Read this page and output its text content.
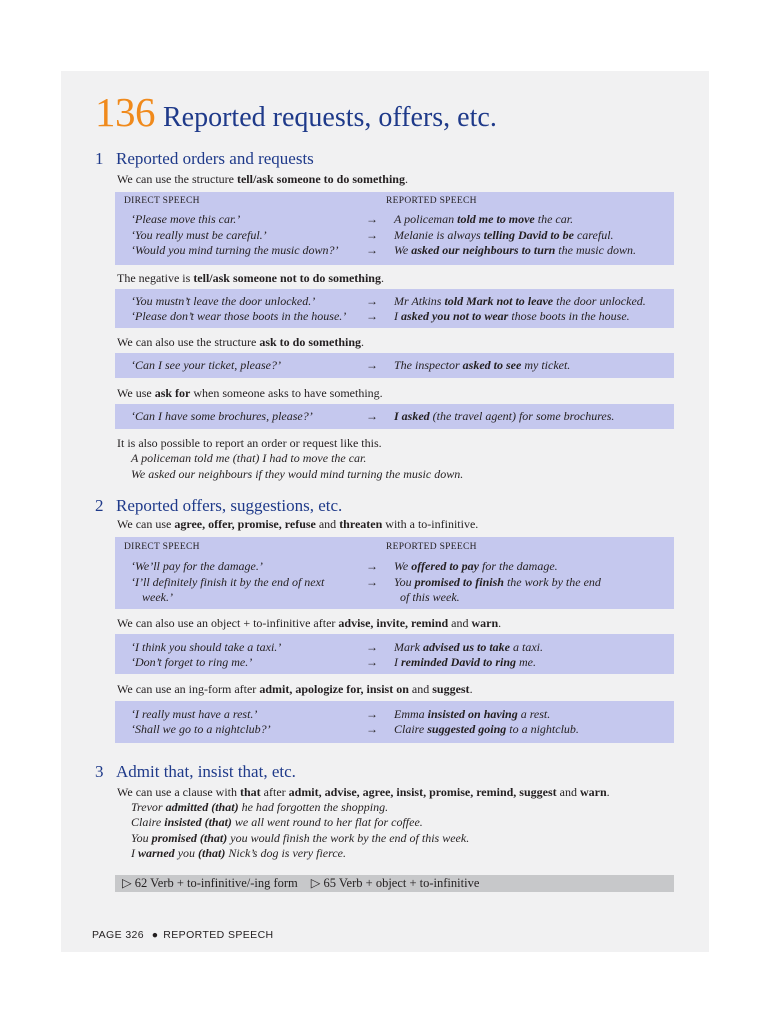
136 Reported requests, offers, etc.
1 Reported orders and requests
We can use the structure tell/ask someone to do something.
DIRECT SPEECH	REPORTED SPEECH
‘Please move this car.’	→ A policeman told me to move the car.
‘You really must be careful.’	→ Melanie is always telling David to be careful.
‘Would you mind turning the music down?’ → We asked our neighbours to turn the music down.
The negative is tell/ask someone not to do something.
‘You mustn’t leave the door unlocked.’	→ Mr Atkins told Mark not to leave the door unlocked.
‘Please don’t wear those boots in the house.’ → I asked you not to wear those boots in the house.
We can also use the structure ask to do something.
‘Can I see your ticket, please?’	→ The inspector asked to see my ticket.
We use ask for when someone asks to have something.
‘Can I have some brochures, please?’	→ I asked (the travel agent) for some brochures.
It is also possible to report an order or request like this.
A policeman told me (that) I had to move the car.
We asked our neighbours if they would mind turning the music down.
2 Reported offers, suggestions, etc.
We can use agree, offer, promise, refuse and threaten with a to-infinitive.
DIRECT SPEECH	REPORTED SPEECH
‘We’ll pay for the damage.’	→ We offered to pay for the damage.
‘I’ll definitely finish it by the end of next
week.’
→ You promised to finish the work by the end
of this week.
We can also use an object + to-infinitive after advise, invite, remind and warn.
‘I think you should take a taxi.’	→ Mark advised us to take a taxi.
‘Don’t forget to ring me.’	→ I reminded David to ring me.
We can use an ing-form after admit, apologize for, insist on and suggest.
‘I really must have a rest.’	→ Emma insisted on having a rest.
‘Shall we go to a nightclub?’	→ Claire suggested going to a nightclub.
3 Admit that, insist that, etc.
We can use a clause with that after admit, advise, agree, insist, promise, remind, suggest and warn.
Trevor admitted (that) he had forgotten the shopping.
Claire insisted (that) we all went round to her flat for coffee.
You promised (that) you would finish the work by the end of this week.
I warned you (that) Nick’s dog is very fierce.
▷ 62 Verb + to-infinitive/-ing form ▷ 65 Verb + object + to-infinitive
PAGE 326 ● REPORTED SPEECH
